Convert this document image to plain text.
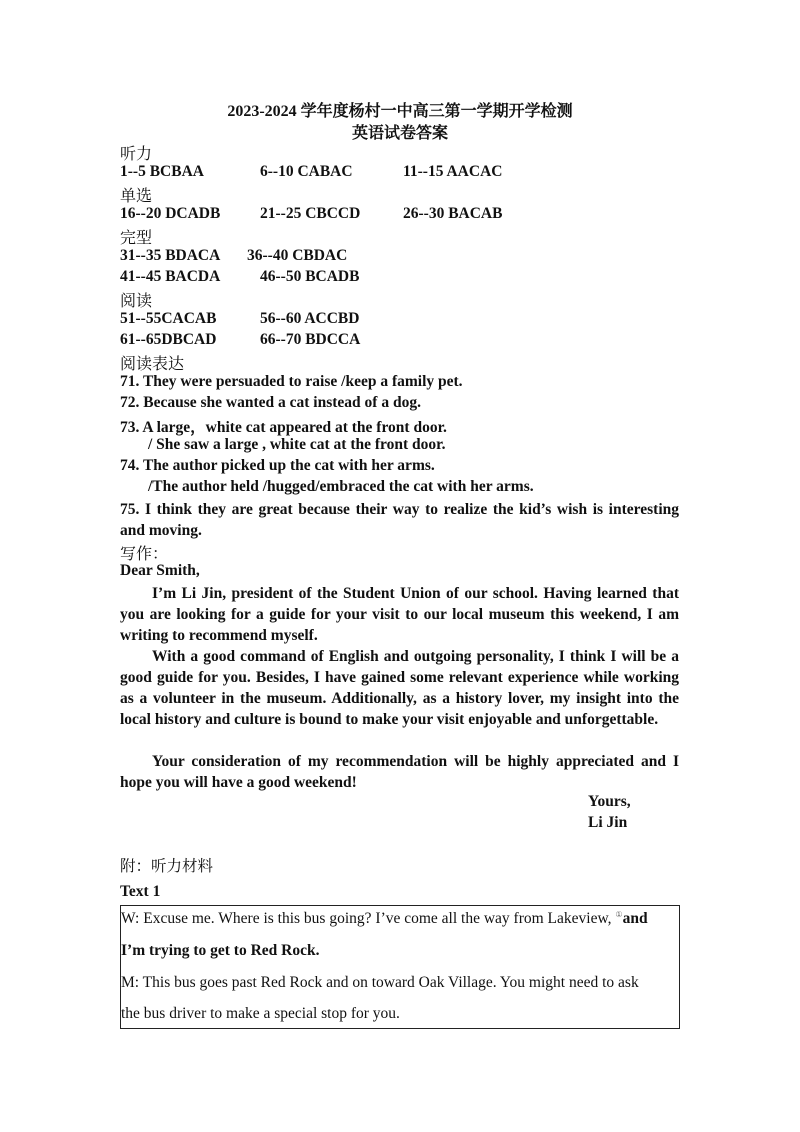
2023-2024 学年度杨村一中高三第一学期开学检测
英语试卷答案
听力
1--5 BCBAA	6--10 CABAC	11--15 AACAC
单选
16--20 DCADB	21--25 CBCCD	26--30 BACAB
完型
31--35 BDACA 36--40 CBDAC
41--45 BACDA	46--50 BCADB
阅读
51--55CACAB	56--60 ACCBD
61--65DBCAD	66--70 BDCCA
阅读表达
71. They were persuaded to raise /keep a family pet.
72. Because she wanted a cat instead of a dog.
73. A large，white cat appeared at the front door.
/ She saw a large , white cat at the front door.
74. The author picked up the cat with her arms.
/The author held /hugged/embraced the cat with her arms.
75. I think they are great because their way to realize the kid’s wish is interesting and moving.
写作：
Dear Smith,
I’m Li Jin, president of the Student Union of our school. Having learned that you are looking for a guide for your visit to our local museum this weekend, I am writing to recommend myself.
With a good command of English and outgoing personality, I think I will be a good guide for you. Besides, I have gained some relevant experience while working as a volunteer in the museum. Additionally, as a history lover, my insight into the local history and culture is bound to make your visit enjoyable and unforgettable.
Your consideration of my recommendation will be highly appreciated and I hope you will have a good weekend!
Yours,
Li Jin
附：听力材料
Text 1
W: Excuse me. Where is this bus going? I’ve come all the way from Lakeview, ①and
I’m trying to get to Red Rock.
M: This bus goes past Red Rock and on toward Oak Village. You might need to ask
the bus driver to make a special stop for you.
